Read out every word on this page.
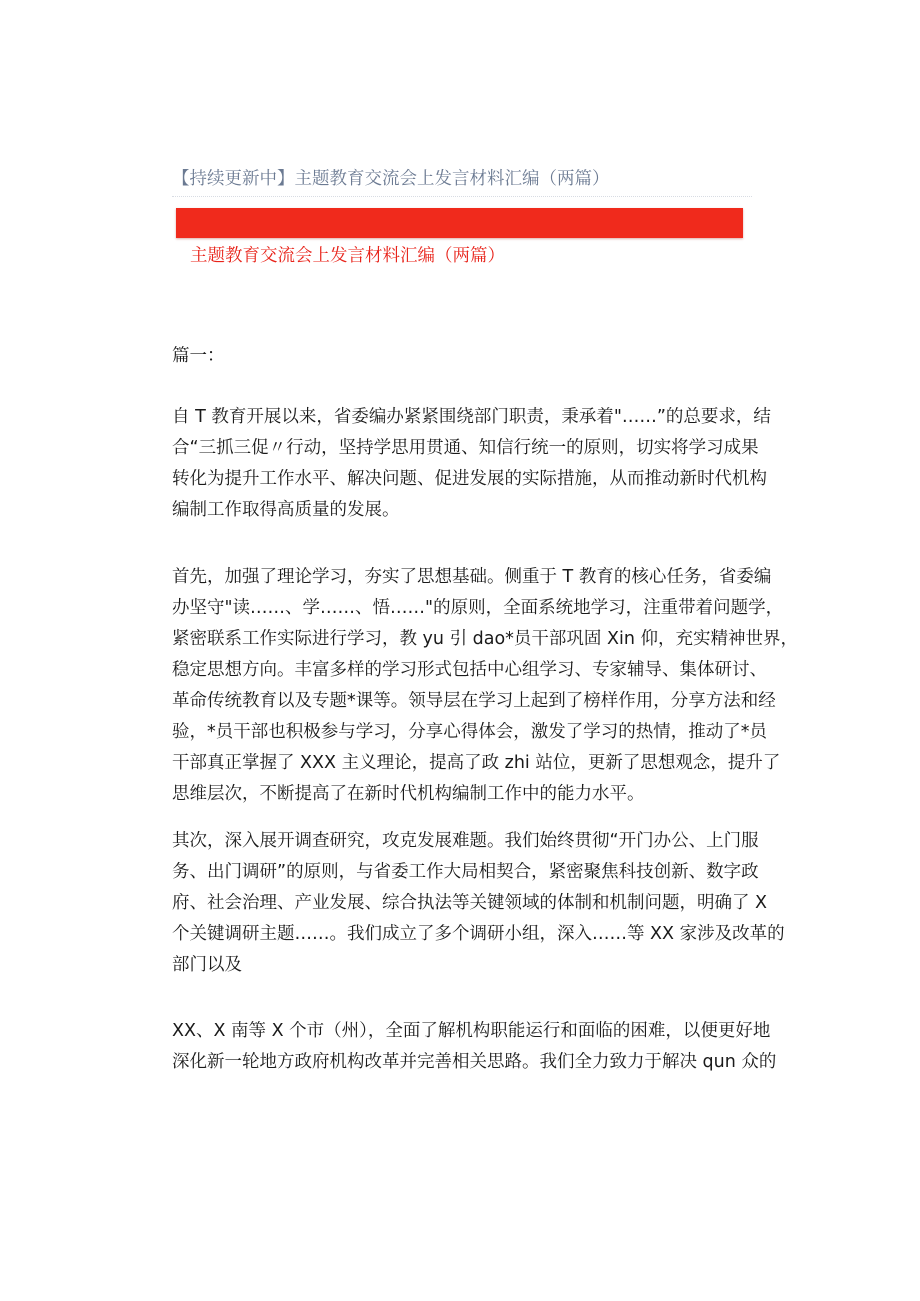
【持续更新中】主题教育交流会上发言材料汇编（两篇）
主题教育交流会上发言材料汇编（两篇）
篇一：
自 T 教育开展以来，省委编办紧紧围绕部门职责，秉承着"……”的总要求，结
合“三抓三促〃行动，坚持学思用贯通、知信行统一的原则，切实将学习成果
转化为提升工作水平、解决问题、促进发展的实际措施，从而推动新时代机构
编制工作取得高质量的发展。
首先，加强了理论学习，夯实了思想基础。侧重于 T 教育的核心任务，省委编
办坚守"读……、学……、悟……"的原则，全面系统地学习，注重带着问题学，
紧密联系工作实际进行学习，教 yu 引 dao*员干部巩固 Xin 仰，充实精神世界，
稳定思想方向。丰富多样的学习形式包括中心组学习、专家辅导、集体研讨、
革命传统教育以及专题*课等。领导层在学习上起到了榜样作用，分享方法和经
验，*员干部也积极参与学习，分享心得体会，激发了学习的热情，推动了*员
干部真正掌握了 XXX 主义理论，提高了政 zhi 站位，更新了思想观念，提升了
思维层次，不断提高了在新时代机构编制工作中的能力水平。
其次，深入展开调查研究，攻克发展难题。我们始终贯彻“开门办公、上门服
务、出门调研”的原则，与省委工作大局相契合，紧密聚焦科技创新、数字政
府、社会治理、产业发展、综合执法等关键领域的体制和机制问题，明确了 X
个关键调研主题……。我们成立了多个调研小组，深入……等 XX 家涉及改革的
部门以及
XX、X 南等 X 个市（州），全面了解机构职能运行和面临的困难，以便更好地
深化新一轮地方政府机构改革并完善相关思路。我们全力致力于解决 qun 众的
